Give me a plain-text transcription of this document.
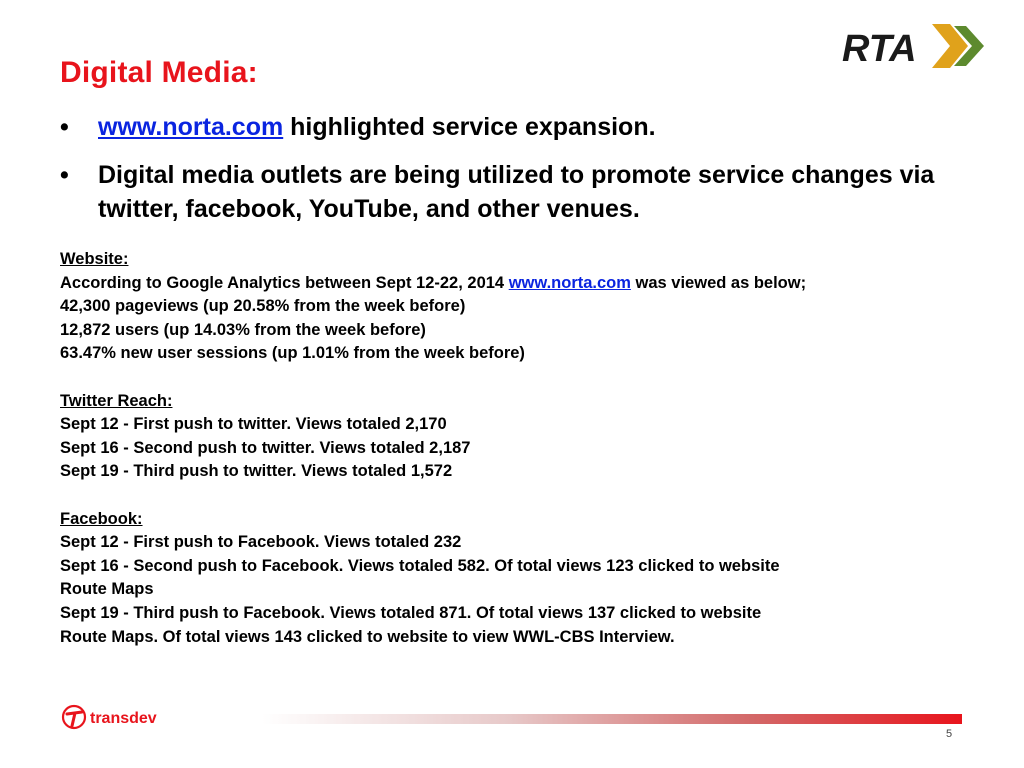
RTA
Digital Media:
• www.norta.com highlighted service expansion.
• Digital media outlets are being utilized to promote service changes via twitter, facebook, YouTube, and other venues.
Website:
According to Google Analytics between Sept 12-22, 2014 www.norta.com was viewed as below;
42,300 pageviews (up 20.58% from the week before)
12,872 users (up 14.03% from the week before)
63.47% new user sessions (up 1.01% from the week before)
Twitter Reach:
Sept 12 - First push to twitter. Views totaled 2,170
Sept 16 - Second push to twitter. Views totaled 2,187
Sept 19 - Third push to twitter. Views totaled 1,572
Facebook:
Sept 12 - First push to Facebook. Views totaled 232
Sept 16 - Second push to Facebook. Views totaled 582. Of total views 123 clicked to website
Route Maps
Sept 19 - Third push to Facebook. Views totaled 871. Of total views 137 clicked to website
Route Maps. Of total views 143 clicked to website to view WWL-CBS Interview.
transdev
5
